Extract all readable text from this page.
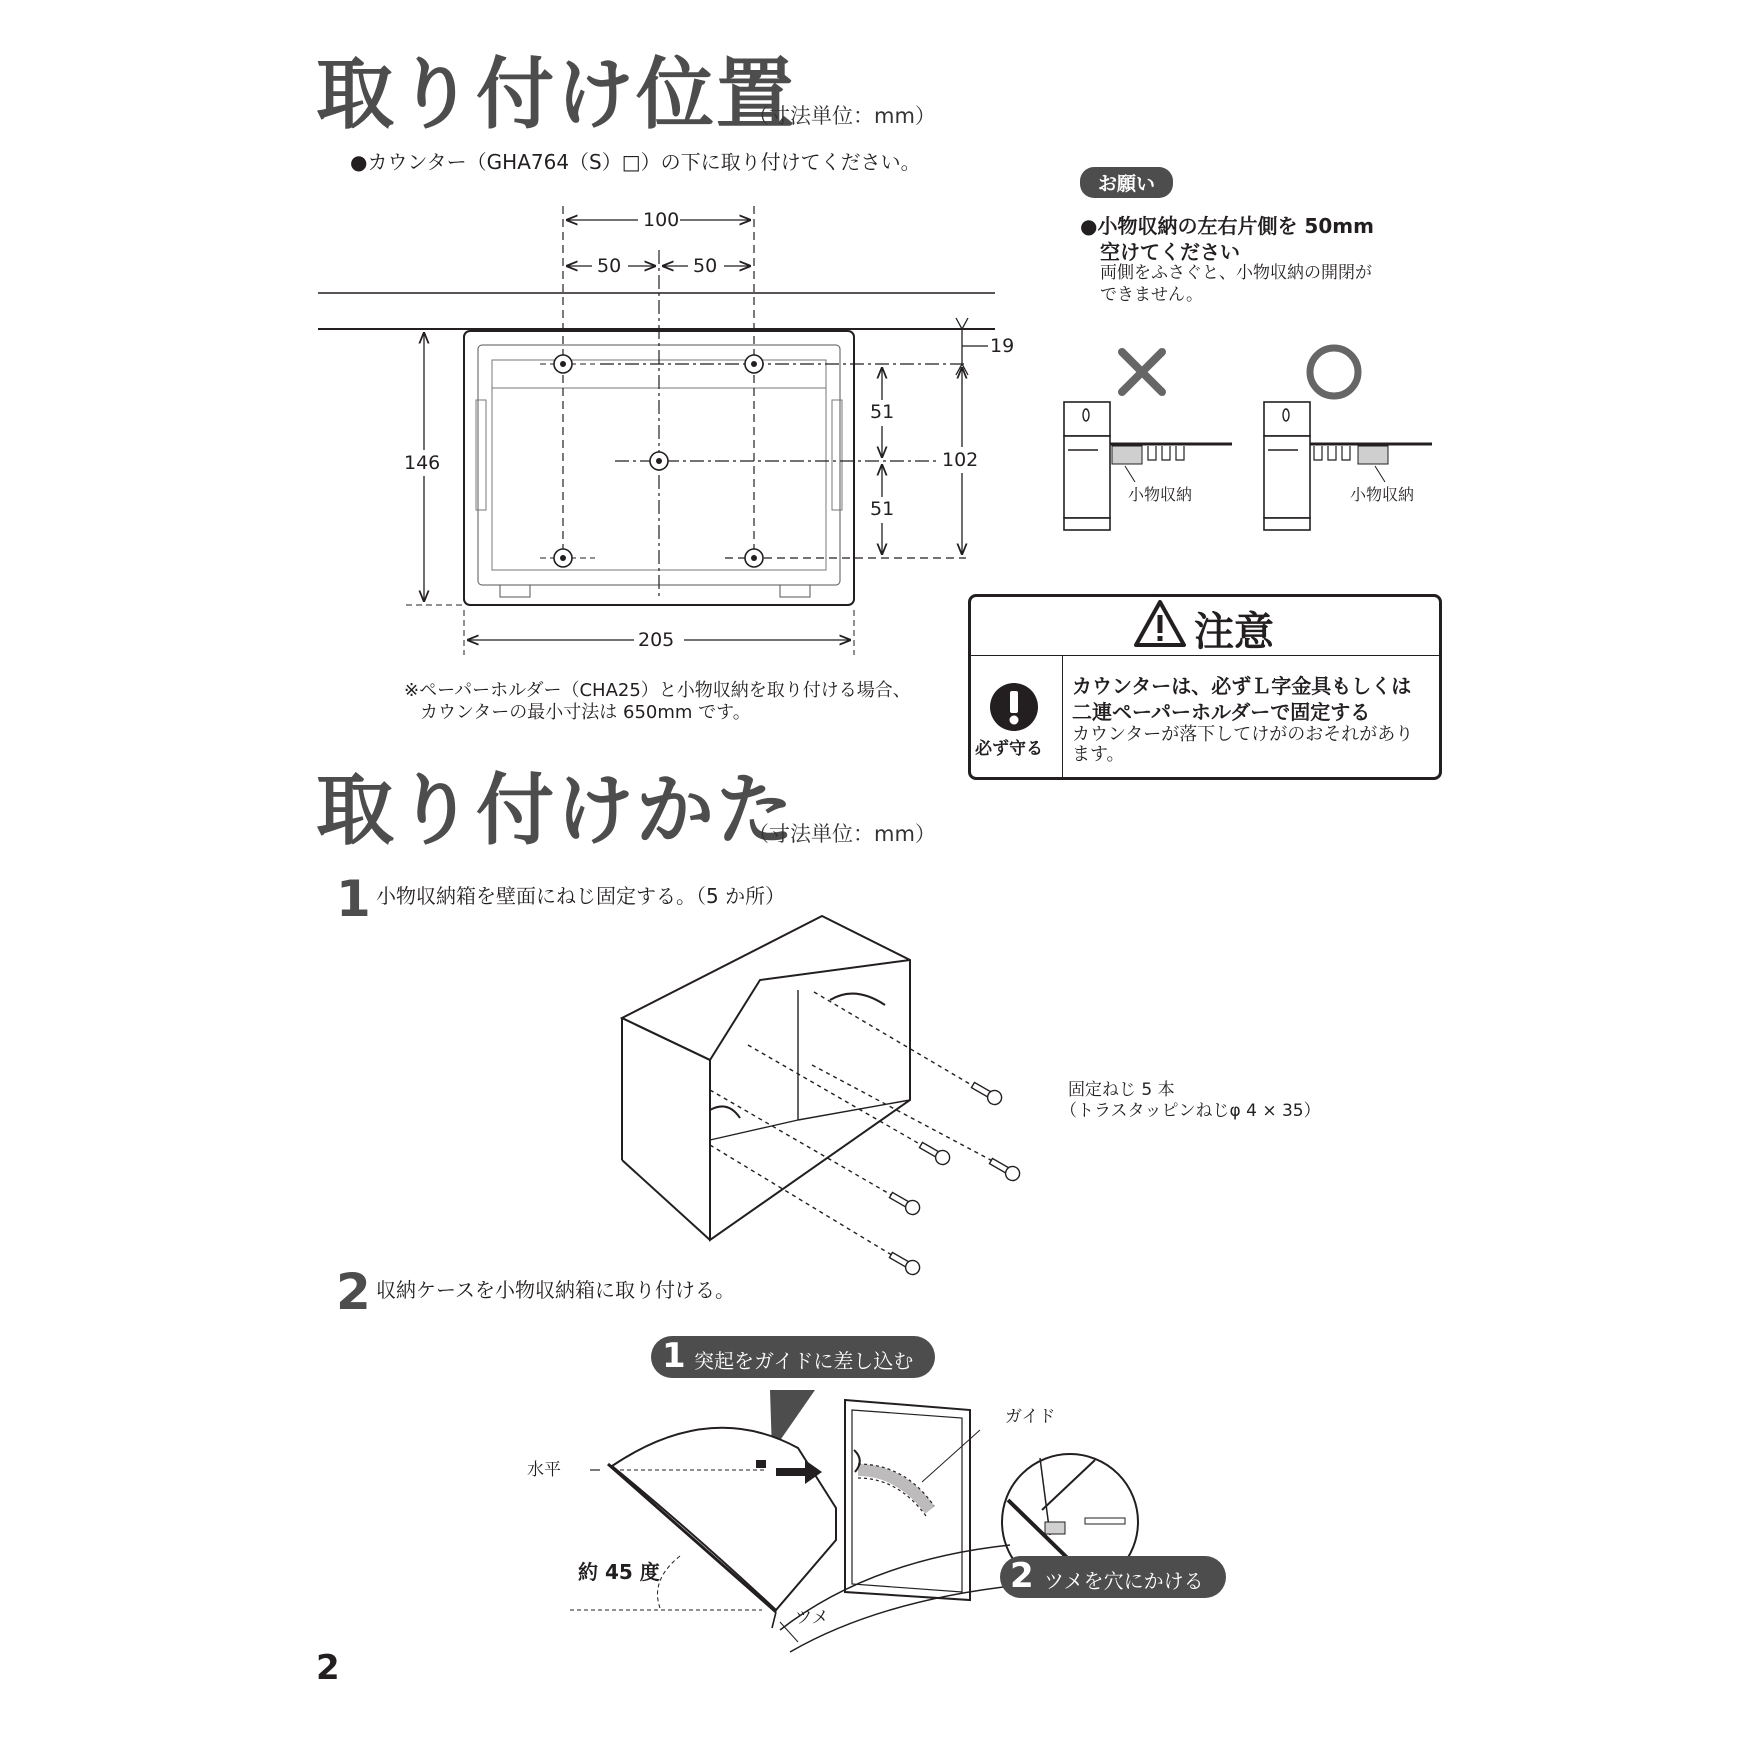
取り付け位置
（寸法単位：mm）
●カウンター（GHA764（S）□）の下に取り付けてください。
100
50	50
19
51
51
102
146
205
※ペーパーホルダー（CHA25）と小物収納を取り付ける場合、
カウンターの最小寸法は 650mm です。
お願い
●小物収納の左右片側を 50mm
空けてください
両側をふさぐと、小物収納の開閉が
できません。
小物収納	小物収納
注意
必ず守る
カウンターは、必ずＬ字金具もしくは
二連ペーパーホルダーで固定する
カウンターが落下してけがのおそれがあり
ます。
取り付けかた
（寸法単位：mm）
1 小物収納箱を壁面にねじ固定する。（5 か所）
固定ねじ 5 本
（トラスタッピンねじφ 4 × 35）
2 収納ケースを小物収納箱に取り付ける。
1 突起をガイドに差し込む
2 ツメを穴にかける
ガイド
水平
約 45 度
ツメ
2
